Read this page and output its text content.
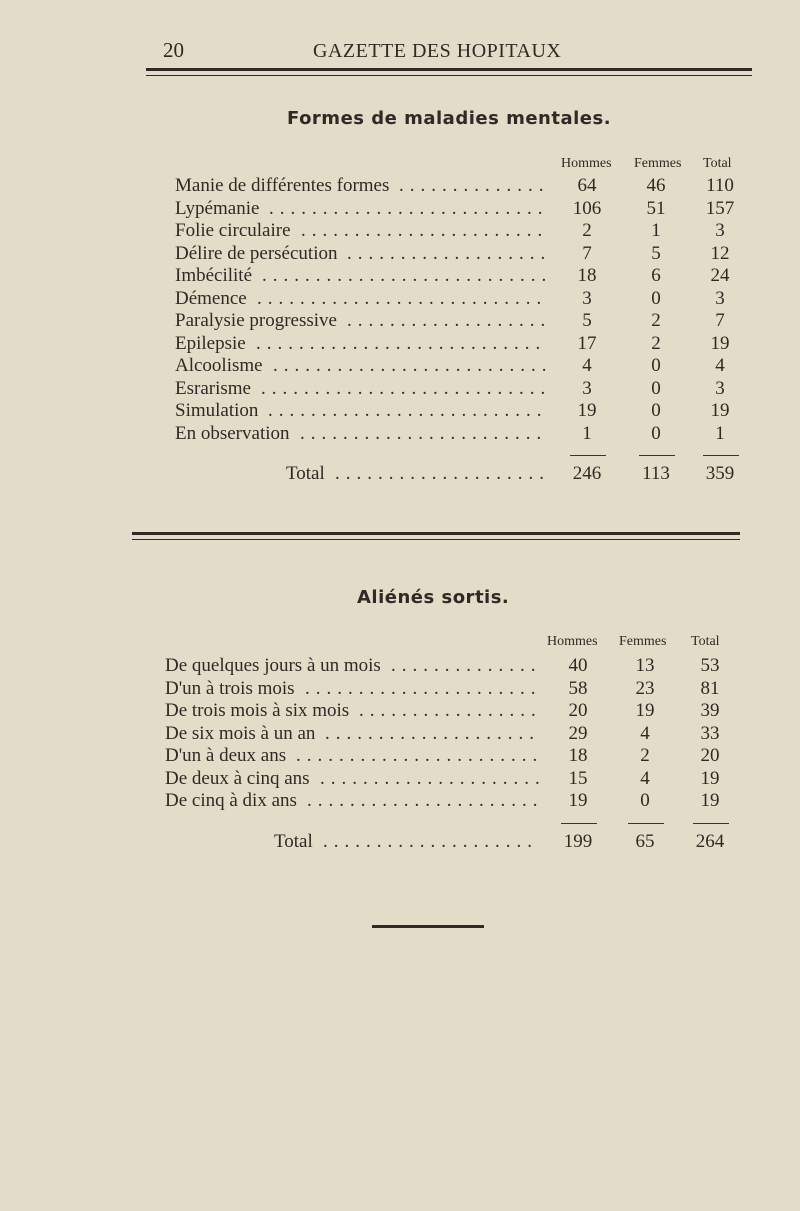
20	GAZETTE DES HOPITAUX
Formes de maladies mentales.
Hommes Femmes Total
Manie de différentes formes ..............	64	46	110
Lypémanie ..........................	106	51	157
Folie circulaire .......................	2	1	3
Délire de persécution ...................	7	5	12
Imbécilité ...........................	18	6	24
Démence ...........................	3	0	3
Paralysie progressive ...................	5	2	7
Epilepsie ...........................	17	2	19
Alcoolisme ..........................	4	0	4
Esrarisme ...........................	3	0	3
Simulation ..........................	19	0	19
En observation .......................	1	0	1
Total ....................	246	113	359
Aliénés sortis.
Hommes Femmes Total
De quelques jours à un mois ..............	40	13	53
D'un à trois mois ......................	58	23	81
De trois mois à six mois .................	20	19	39
De six mois à un an ....................	29	4	33
D'un à deux ans .......................	18	2	20
De deux à cinq ans .....................	15	4	19
De cinq à dix ans ......................	19	0	19
Total ....................	199	65	264
